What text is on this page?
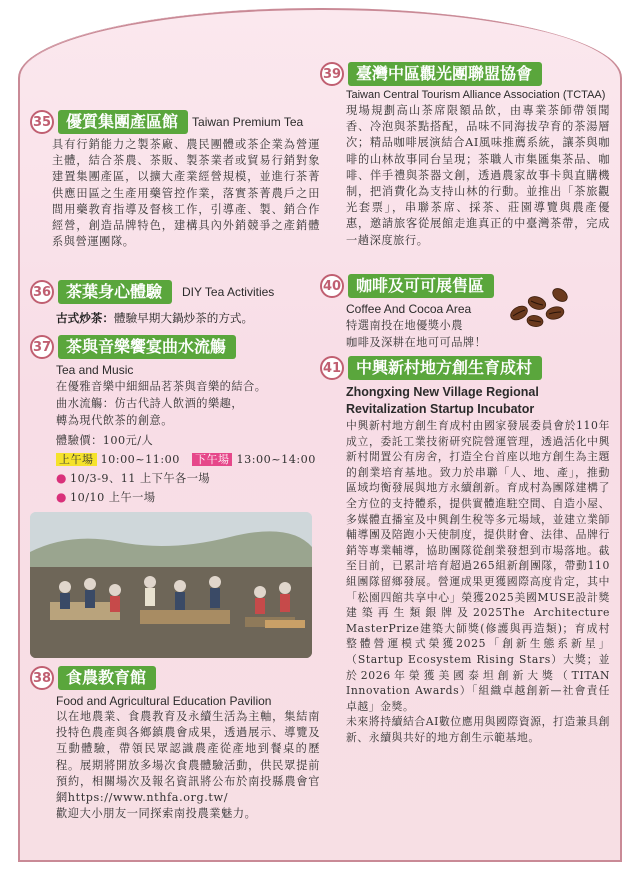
35 優質集團產區館	Taiwan Premium Tea

具有行銷能力之製茶廠、農民團體或茶企業為營運主體，結合茶農、茶販、製茶業者或貿易行銷對象建置集團產區，以擴大產業經營規模，並進行茶菁供應田區之生產用藥管控作業，落實茶菁農戶之田間用藥教育指導及督核工作，引導產、製、銷合作經營，創造品牌特色，建構具內外銷競爭之產銷體系與營運團隊。

36 茶葉身心體驗	DIY Tea Activities
古式炒茶：體驗早期大鍋炒茶的方式。
37 茶與音樂饗宴曲水流觴
Tea and Music
在優雅音樂中細細品茗茶與音樂的結合。
曲水流觴：仿古代詩人飲酒的樂趣，
轉為現代飲茶的創意。
體驗價：100元/人
上午場 10:00~11:00 下午場 13:00~14:00
● 10/3-9、11 上下午各一場
● 10/10 上午一場
38 食農教育館
Food and Agricultural Education Pavilion

以在地農業、食農教育及永續生活為主軸，集結南投特色農產與各鄉鎮農會成果，透過展示、導覽及互動體驗，帶領民眾認識農產從產地到餐桌的歷程。展期將開放多場次食農體驗活動，供民眾提前預約，相關場次及報名資訊將公布於南投縣農會官網https://www.nthfa.org.tw/

歡迎大小朋友一同探索南投農業魅力。

39 臺灣中區觀光團聯盟協會
Taiwan Central Tourism Alliance Association (TCTAA)

現場規劃高山茶席限額品飲，由專業茶師帶領聞香、冷泡與茶點搭配，品味不同海拔孕育的茶湯層次；精品咖啡展演結合AI風味推薦系統，讓茶與咖啡的山林故事同台呈現；茶職人市集匯集茶品、咖啡、伴手禮與茶器文創，透過農家故事卡與直購機制，把消費化為支持山林的行動。並推出「茶旅觀光套票」，串聯茶席、採茶、莊園導覽與農產優惠，邀請旅客從展館走進真正的中臺灣茶帶，完成一趟深度旅行。

40 咖啡及可可展售區
Coffee And Cocoa Area
特選南投在地優獎小農
咖啡及深耕在地可可品牌！
41 中興新村地方創生育成村
Zhongxing New Village Regional
Revitalization Startup Incubator

中興新村地方創生育成村由國家發展委員會於110年成立，委託工業技術研究院營運管理，透過活化中興新村閒置公有房舍，打造全台首座以地方創生為主題的創業培育基地。致力於串聯「人、地、產」，推動區域均衡發展與地方永續創新。育成村為團隊建構了全方位的支持體系，提供實體進駐空間、自造小屋、多媒體直播室及中興創生稅等多元場域，並建立業師輔導團及陪跑小天使制度，提供財會、法律、品牌行銷等專業輔導，協助團隊從創業發想到市場落地。截至目前，已累計培育超過265組新創團隊，帶動110組團隊留鄉發展。營運成果更獲國際高度肯定，其中「松園四館共享中心」榮獲2025美國MUSE設計獎建築再生類銀牌及2025The Architecture MasterPrize建築大師獎(修護與再造類)；育成村整體營運模式榮獲2025「創新生態系新星」（Startup Ecosystem Rising Stars）大獎；並於2026年榮獲美國泰坦創新大獎（TITAN Innovation Awards）「組織卓越創新—社會責任卓越」金獎。

未來將持續結合AI數位應用與國際資源，打造兼具創新、永續與共好的地方創生示範基地。
